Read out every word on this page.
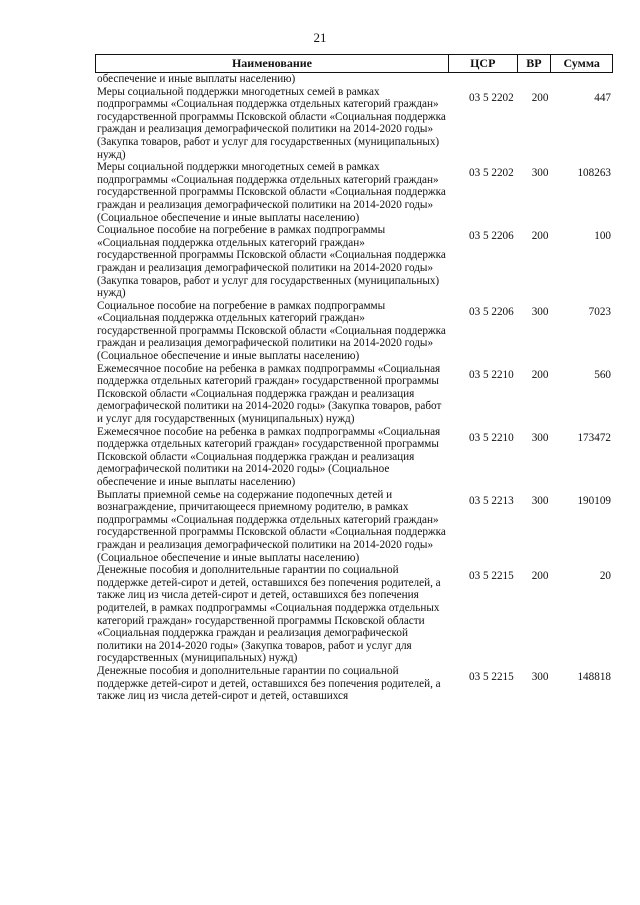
21
Наименование	ЦСР	ВР	Сумма
обеспечение и иные выплаты населению)
Меры социальной поддержки многодетных семей в рамках подпрограммы «Социальная поддержка отдельных категорий граждан» государственной программы Псковской области «Социальная поддержка граждан и реализация демографической политики на 2014-2020 годы» (Закупка товаров, работ и услуг для государственных (муниципальных) нужд)
03 5 2202	200	447
Меры социальной поддержки многодетных семей в рамках подпрограммы «Социальная поддержка отдельных категорий граждан» государственной программы Псковской области «Социальная поддержка граждан и реализация демографической политики на 2014-2020 годы» (Социальное обеспечение и иные выплаты населению)
03 5 2202	300	108263
Социальное пособие на погребение в рамках подпрограммы «Социальная поддержка отдельных категорий граждан» государственной программы Псковской области «Социальная поддержка граждан и реализация демографической политики на 2014-2020 годы» (Закупка товаров, работ и услуг для государственных (муниципальных) нужд)
03 5 2206	200	100
Социальное пособие на погребение в рамках подпрограммы «Социальная поддержка отдельных категорий граждан» государственной программы Псковской области «Социальная поддержка граждан и реализация демографической политики на 2014-2020 годы» (Социальное обеспечение и иные выплаты населению)
03 5 2206	300	7023
Ежемесячное пособие на ребенка в рамках подпрограммы «Социальная поддержка отдельных категорий граждан» государственной программы Псковской области «Социальная поддержка граждан и реализация демографической политики на 2014-2020 годы» (Закупка товаров, работ и услуг для государственных (муниципальных) нужд)
03 5 2210	200	560
Ежемесячное пособие на ребенка в рамках подпрограммы «Социальная поддержка отдельных категорий граждан» государственной программы Псковской области «Социальная поддержка граждан и реализация демографической политики на 2014-2020 годы» (Социальное обеспечение и иные выплаты населению)
03 5 2210	300	173472
Выплаты приемной семье на содержание подопечных детей и вознаграждение, причитающееся приемному родителю, в рамках подпрограммы «Социальная поддержка отдельных категорий граждан» государственной программы Псковской области «Социальная поддержка граждан и реализация демографической политики на 2014-2020 годы» (Социальное обеспечение и иные выплаты населению)
03 5 2213	300	190109
Денежные пособия и дополнительные гарантии по социальной поддержке детей-сирот и детей, оставшихся без попечения родителей, а также лиц из числа детей-сирот и детей, оставшихся без попечения родителей, в рамках подпрограммы «Социальная поддержка отдельных категорий граждан» государственной программы Псковской области «Социальная поддержка граждан и реализация демографической политики на 2014-2020 годы» (Закупка товаров, работ и услуг для государственных (муниципальных) нужд)
03 5 2215	200	20
Денежные пособия и дополнительные гарантии по социальной поддержке детей-сирот и детей, оставшихся без попечения родителей, а также лиц из числа детей-сирот и детей, оставшихся
03 5 2215	300	148818
